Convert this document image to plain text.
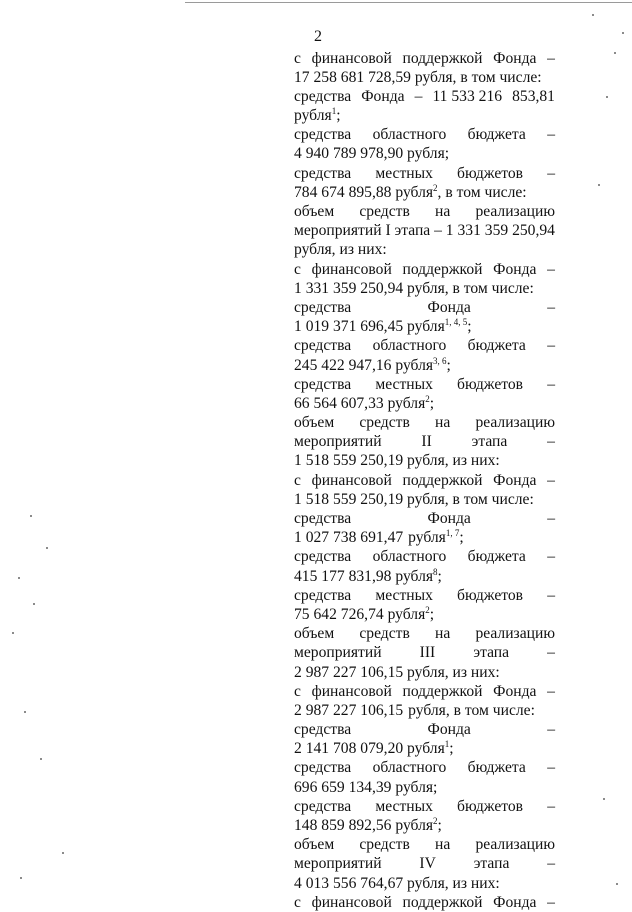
2
с финансовой поддержкой Фонда –
17 258 681 728,59 рубля, в том числе:
средства Фонда – 11 533 216 853,81
рубля$^1$;
средства областного бюджета –
4 940 789 978,90 рубля;
средства местных бюджетов –
784 674 895,88 рубля$^2$, в том числе:
объем средств на реализацию
мероприятий I этапа – 1 331 359 250,94
рубля, из них:
с финансовой поддержкой Фонда –
1 331 359 250,94 рубля, в том числе:
средства	Фонда	–
1 019 371 696,45 рубля$^{1, 4, 5}$;
средства областного бюджета –
245 422 947,16 рубля$^{3, 6}$;
средства местных бюджетов –
66 564 607,33 рубля$^2$;
объем средств на реализацию
мероприятий	II	этапа	–
1 518 559 250,19 рубля, из них:
с финансовой поддержкой Фонда –
1 518 559 250,19 рубля, в том числе:
средства	Фонда	–
1 027 738 691,47 рубля$^{1, 7}$;
средства областного бюджета –
415 177 831,98 рубля$^8$;
средства местных бюджетов –
75 642 726,74 рубля$^2$;
объем средств на реализацию
мероприятий III этапа –
2 987 227 106,15 рубля, из них:
с финансовой поддержкой Фонда –
2 987 227 106,15 рубля, в том числе:
средства	Фонда	–
2 141 708 079,20 рубля$^1$;
средства областного бюджета –
696 659 134,39 рубля;
средства местных бюджетов –
148 859 892,56 рубля$^2$;
объем средств на реализацию
мероприятий IV этапа –
4 013 556 764,67 рубля, из них:
с финансовой поддержкой Фонда –
